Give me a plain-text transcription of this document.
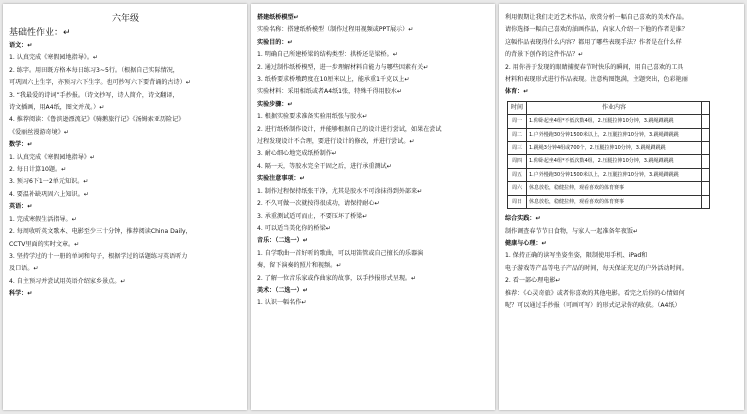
六年级
基础性作业：↵
语文：↵
1. 认真完成《寒假园地指导》。↵
2. 练字。用田既方格本每日练习3~5行。（根据自己实际情况，
可巩固六上生字，亦预习六下生字。也可抄写六下要背诵的古诗）↵
3. “我最爱的诗词”手抄报。（诗文抄写，诗人简介，诗文翻译，
诗文插画，用A4纸，图文并茂。）↵
4. 推荐阅读：《鲁滨逊漂流记》《骑鹅旅行记》《汤姆索亚历险记》
《爱丽丝漫游奇境》↵
数学：↵
1. 认真完成《寒假园地指导》↵
2. 每日计算10题。↵
3. 预习6下1一2单元知识。↵
4. 要温补缺巩固六上知识。↵
英语：↵
1. 完成寒假生活指导。↵
2. 每周收听英文歌本、电影至少三十分钟，推荐阅读China Daily，
CCTV里面的实时文章。↵
3. 坚持学过的十一册的单词和句子，根据学过的话题练习英语听力
及口语。↵
4. 自主预习并尝试用英语介绍家乡景点。↵
科学：↵
搭建纸桥模型↵
实验名称：搭建纸桥模型（制作过程用视频或PPT展示）↵
实验目的：↵
1. 明确自己所建桥梁的结构类型：拱桥还是梁桥。↵
2. 通过制作纸桥模型，进一步理解材料自能力与哪些因素有关↵
3. 纸桥要求桥墩跨度在10厘米以上，能承重1千克以上↵
实验材料：采用相纸或者A4纸1张，特殊千得用胶水↵
实验步骤：↵
1. 根据实验要求准备实验用纸张与胶水↵
2. 进行纸桥制作设计，并能够根据自己的设计进行尝试，如果在尝试
过程发现设计不合理，要进行设计的修改，并进行尝试。↵
3. 耐心细心地完成纸桥制作↵
4. 隔一天，等胶水完全干固之后，进行承重测试↵
实验注意事项：↵
1. 制作过程保持纸张干净，尤其是胶水不可涂抹得到外部来↵
2. 不久可做一次就按得很成功，请保持耐心↵
3. 承重测试适可而止，不要压坏了桥梁↵
4. 可以适当美化你的桥梁↵
音乐：（二选一）↵
1. 自学歌曲一首好听的歌曲，可以用笛管或自己擅长的乐器演
奏，留下演奏的照片和视频。↵
2. 了解一位音乐家或作曲家的故事，以手抄报形式呈现。↵
美术：（二选一）↵
1. 认识一幅名作↵
利用假期让我们走近艺术作品，欣赏分析一幅自己喜欢的美术作品。
请你选择一幅自己喜欢的油画作品，向家人介绍一下他的作者是谁？
这幅作品表现得什么内容？都用了哪些表现手法？作者是在什么样
的背景下创作的这件作品？↵
2. 用你善于发现的眼睛捕捉春节时快乐的瞬间，用自己喜欢的工具
材料和表现形式进行作品表现。注意构图饱满，主题突出，色彩艳丽
体育：↵
时间	作业内容	
周一	1.仰卧起坐4组*不低次数4组，2.压腿拉伸10分钟，3.跳绳蹲跳跳	
周二	1.户外慢跑30分钟1500米以上，2.压腿拉伸10分钟，3.跳绳蹲跳跳	
周三	1.跳绳3分钟4组或700个，2.压腿拉伸10分钟，3.跳绳蹲跳跳	
周四	1.仰卧起坐4组*不低次数4组，2.压腿拉伸10分钟，3.跳绳蹲跳跳	
周五	1.户外慢跑30分钟1500米以上，2.压腿拉伸10分钟，3.跳绳蹲跳跳	
周六	休息放松，稳健拉伸，观看喜欢的体育赛事	
周日	休息放松，稳健拉伸，观看喜欢的体育赛事	
综合实践：↵
制作调查春节节日食物，与家人一起准备年夜饭↵
健康与心理：↵
1. 保持正确的读写坐姿坐姿，限制使用手机、iPad和
电子游戏等产品等电子产品的时间，每天保证充足的户外活动时间。
2. 看一部心理电影↵
推荐：《心灵奇旅》或者你喜欢的其他电影。看完之后你的心情如何
呢？可以通过手抄报（可画可写）的形式记录你的收获。（A4纸）
